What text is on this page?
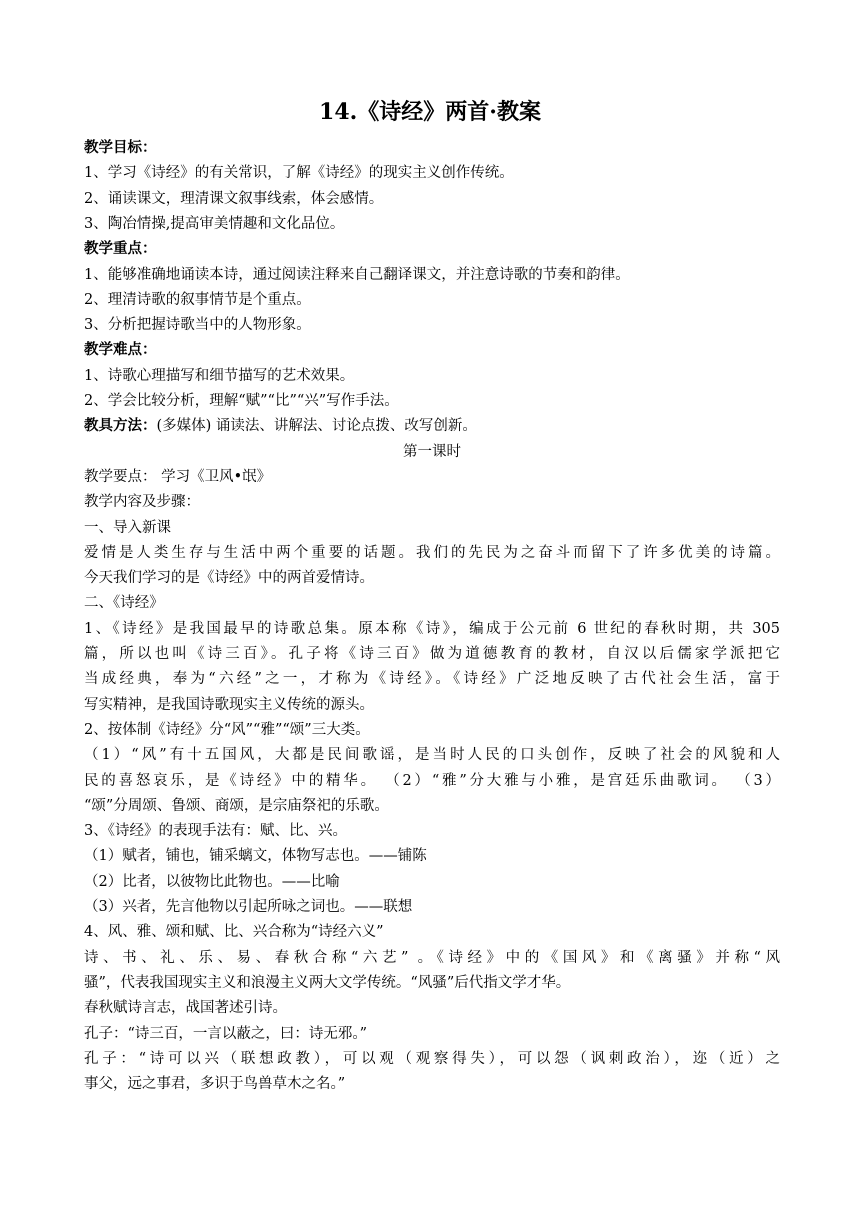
14.《诗经》两首·教案
教学目标：
1、学习《诗经》的有关常识，了解《诗经》的现实主义创作传统。
2、诵读课文，理清课文叙事线索，体会感情。
3、陶冶情操,提高审美情趣和文化品位。
教学重点：
1、能够准确地诵读本诗，通过阅读注释来自己翻译课文，并注意诗歌的节奏和韵律。
2、理清诗歌的叙事情节是个重点。
3、分析把握诗歌当中的人物形象。
教学难点：
1、诗歌心理描写和细节描写的艺术效果。
2、学会比较分析，理解“赋”“比”“兴”写作手法。
教具方法：(多媒体) 诵读法、讲解法、讨论点拨、改写创新。
第一课时
教学要点： 学习《卫风•氓》
教学内容及步骤：
一、导入新课
爱情是人类生存与生活中两个重要的话题。我们的先民为之奋斗而留下了许多优美的诗篇。
今天我们学习的是《诗经》中的两首爱情诗。
二、《诗经》
1、《诗经》是我国最早的诗歌总集。原本称《诗》，编成于公元前 6 世纪的春秋时期，共 305
篇，所以也叫《诗三百》。孔子将《诗三百》做为道德教育的教材，自汉以后儒家学派把它
当成经典，奉为“六经”之一，才称为《诗经》。《诗经》广泛地反映了古代社会生活，富于
写实精神，是我国诗歌现实主义传统的源头。
2、按体制《诗经》分“风”“雅”“颂”三大类。
（1）“风”有十五国风，大都是民间歌谣，是当时人民的口头创作，反映了社会的风貌和人
民的喜怒哀乐，是《诗经》中的精华。 （2）“雅”分大雅与小雅，是宫廷乐曲歌词。 （3）
“颂”分周颂、鲁颂、商颂，是宗庙祭祀的乐歌。
3、《诗经》的表现手法有：赋、比、兴。
（1）赋者，铺也，铺采螭文，体物写志也。——铺陈
（2）比者，以彼物比此物也。——比喻
（3）兴者，先言他物以引起所咏之词也。——联想
4、风、雅、颂和赋、比、兴合称为“诗经六义”
诗、书、礼、乐、易、春秋合称“六艺” 。《诗经》中的《国风》和《离骚》并称“风
骚”，代表我国现实主义和浪漫主义两大文学传统。“风骚”后代指文学才华。
春秋赋诗言志，战国著述引诗。
孔子：“诗三百，一言以蔽之，曰：诗无邪。”
孔子：“诗可以兴（联想政教），可以观（观察得失），可以怨（讽刺政治），迩（近）之
事父，远之事君，多识于鸟兽草木之名。”
